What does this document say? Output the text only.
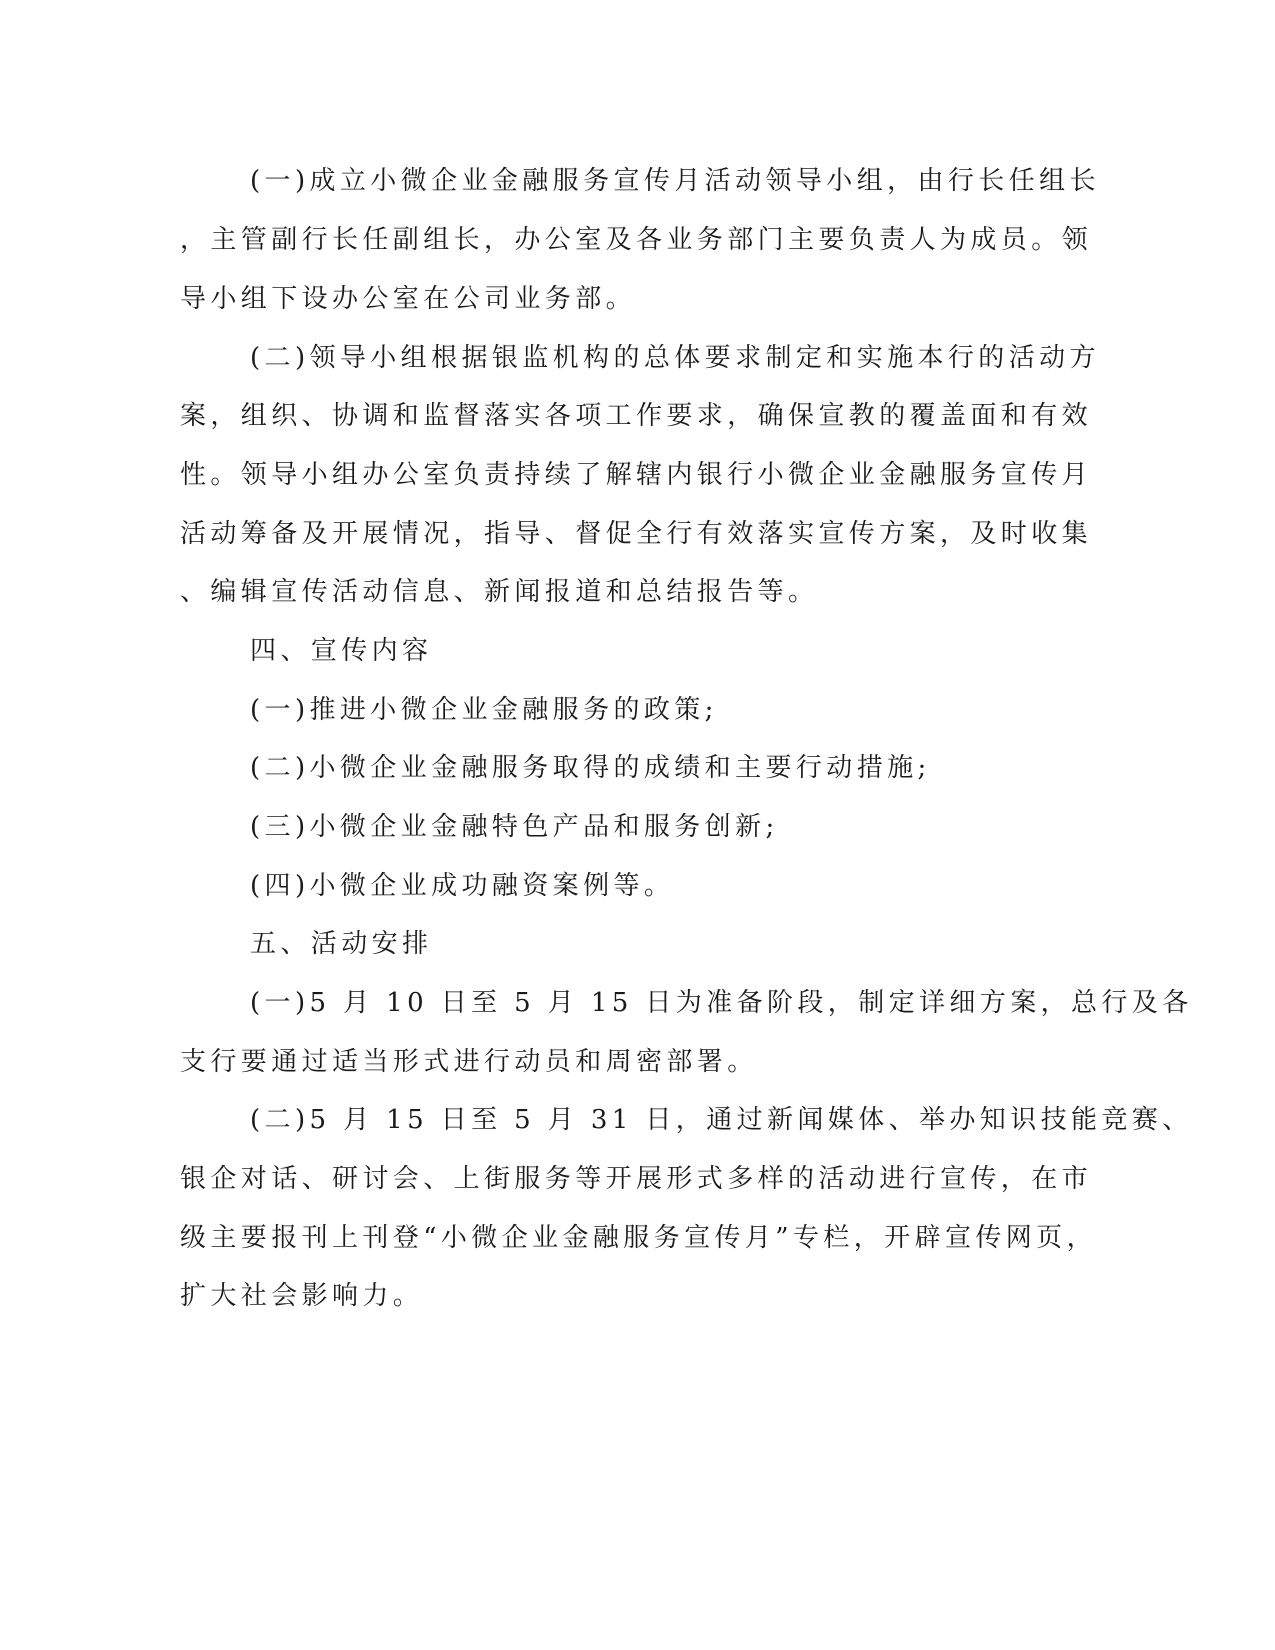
(一)成立小微企业金融服务宣传月活动领导小组，由行长任组长
，主管副行长任副组长，办公室及各业务部门主要负责人为成员。领
导小组下设办公室在公司业务部。
(二)领导小组根据银监机构的总体要求制定和实施本行的活动方
案，组织、协调和监督落实各项工作要求，确保宣教的覆盖面和有效
性。领导小组办公室负责持续了解辖内银行小微企业金融服务宣传月
活动筹备及开展情况，指导、督促全行有效落实宣传方案，及时收集
、编辑宣传活动信息、新闻报道和总结报告等。
四、宣传内容
(一)推进小微企业金融服务的政策;
(二)小微企业金融服务取得的成绩和主要行动措施;
(三)小微企业金融特色产品和服务创新;
(四)小微企业成功融资案例等。
五、活动安排
(一)5 月 10 日至 5 月 15 日为准备阶段，制定详细方案，总行及各
支行要通过适当形式进行动员和周密部署。
(二)5 月 15 日至 5 月 31 日，通过新闻媒体、举办知识技能竞赛、
银企对话、研讨会、上街服务等开展形式多样的活动进行宣传，在市
级主要报刊上刊登“小微企业金融服务宣传月”专栏，开辟宣传网页，
扩大社会影响力。
